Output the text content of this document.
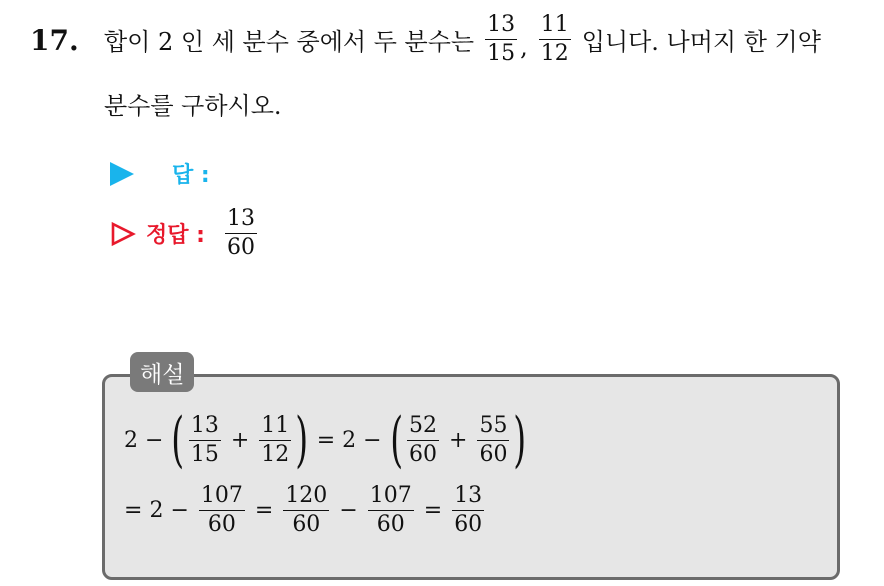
17. 합이 2 인 세 분수 중에서 두 분수는 $\frac{13}{15}$ , $\frac{11}{12}$ 입니다. 나머지 한 기약
분수를 구하시오.
답 :
정답 : $\frac{13}{60}$
해설
2 − ( $\frac{13}{15} + \frac{11}{12}$ ) = 2 − ( $\frac{52}{60} + \frac{55}{60}$ )
= $2 - \frac{107}{60} = \frac{120}{60} - \frac{107}{60} = \frac{13}{60}$
